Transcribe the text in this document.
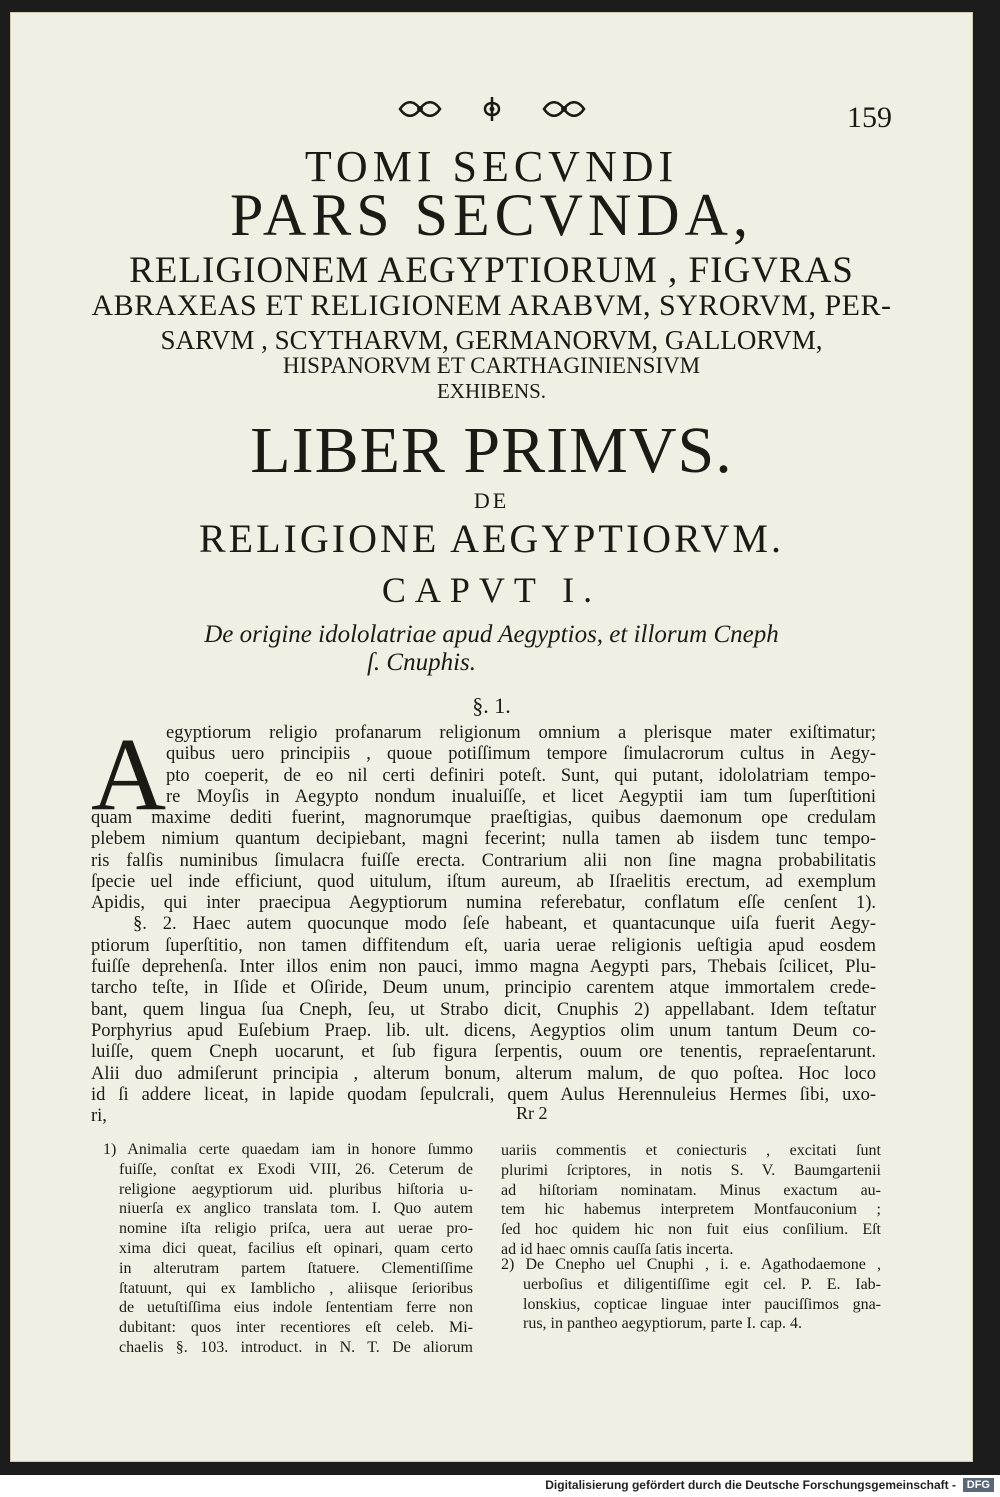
159
TOMI SECVNDI
PARS SECVNDA,
RELIGIONEM AEGYPTIORUM , FIGVRAS
ABRAXEAS ET RELIGIONEM ARABVM, SYRORVM, PER-
SARVM , SCYTHARVM, GERMANORVM, GALLORVM,
HISPANORVM ET CARTHAGINIENSIVM
EXHIBENS.
LIBER PRIMVS.
DE
RELIGIONE AEGYPTIORVM.
CAPVT I.
De origine idololatriae apud Aegyptios, et illorum Cneph
ſ. Cnuphis.
§. 1.
A egyptiorum religio profanarum religionum omnium a plerisque mater exiſtimatur;
quibus uero principiis , quoue potiſſimum tempore ſimulacrorum cultus in Aegy-
pto coeperit, de eo nil certi definiri poteſt. Sunt, qui putant, idololatriam tempo-
re Moyſis in Aegypto nondum inualuiſſe, et licet Aegyptii iam tum ſuperſtitioni
quam maxime dediti fuerint, magnorumque praeſtigias, quibus daemonum ope credulam
plebem nimium quantum decipiebant, magni fecerint; nulla tamen ab iisdem tunc tempo-
ris falſis numinibus ſimulacra fuiſſe erecta. Contrarium alii non ſine magna probabilitatis
ſpecie uel inde efficiunt, quod uitulum, iſtum aureum, ab Iſraelitis erectum, ad exemplum
Apidis, qui inter praecipua Aegyptiorum numina referebatur, conflatum eſſe cenſent 1).
§. 2. Haec autem quocunque modo ſeſe habeant, et quantacunque uiſa fuerit Aegy-
ptiorum ſuperſtitio, non tamen diffitendum eſt, uaria uerae religionis ueſtigia apud eosdem
fuiſſe deprehenſa. Inter illos enim non pauci, immo magna Aegypti pars, Thebais ſcilicet, Plu-
tarcho teſte, in Iſide et Oſiride, Deum unum, principio carentem atque immortalem crede-
bant, quem lingua ſua Cneph, ſeu, ut Strabo dicit, Cnuphis 2) appellabant. Idem teſtatur
Porphyrius apud Euſebium Praep. lib. ult. dicens, Aegyptios olim unum tantum Deum co-
luiſſe, quem Cneph uocarunt, et ſub figura ſerpentis, ouum ore tenentis, repraeſentarunt.
Alii duo admiſerunt principia , alterum bonum, alterum malum, de quo poſtea. Hoc loco
id ſi addere liceat, in lapide quodam ſepulcrali, quem Aulus Herennuleius Hermes ſibi, uxo-
ri,	Rr 2
1) Animalia certe quaedam iam in honore ſummo
fuiſſe, conſtat ex Exodi VIII, 26. Ceterum de
religione aegyptiorum uid. pluribus hiſtoria u-
niuerſa ex anglico translata tom. I. Quo autem
nomine iſta religio priſca, uera aut uerae pro-
xima dici queat, facilius eſt opinari, quam certo
in alterutram partem ſtatuere. Clementiſſime
ſtatuunt, qui ex Iamblicho , aliisque ſerioribus
de uetuſtiſſima eius indole ſententiam ferre non
dubitant: quos inter recentiores eſt celeb. Mi-
chaelis §. 103. introduct. in N. T. De aliorum
uariis commentis et coniecturis , excitati ſunt
plurimi ſcriptores, in notis S. V. Baumgartenii
ad hiſtoriam nominatam. Minus exactum au-
tem hic habemus interpretem Montfauconium ;
ſed hoc quidem hic non fuit eius conſilium. Eſt
ad id haec omnis cauſſa ſatis incerta.
2) De Cnepho uel Cnuphi , i. e. Agathodaemone ,
uerboſius et diligentiſſime egit cel. P. E. Iab-
lonskius, copticae linguae inter pauciſſimos gna-
rus, in pantheo aegyptiorum, parte I. cap. 4.
Digitalisierung gefördert durch die Deutsche Forschungsgemeinschaft - DFG
